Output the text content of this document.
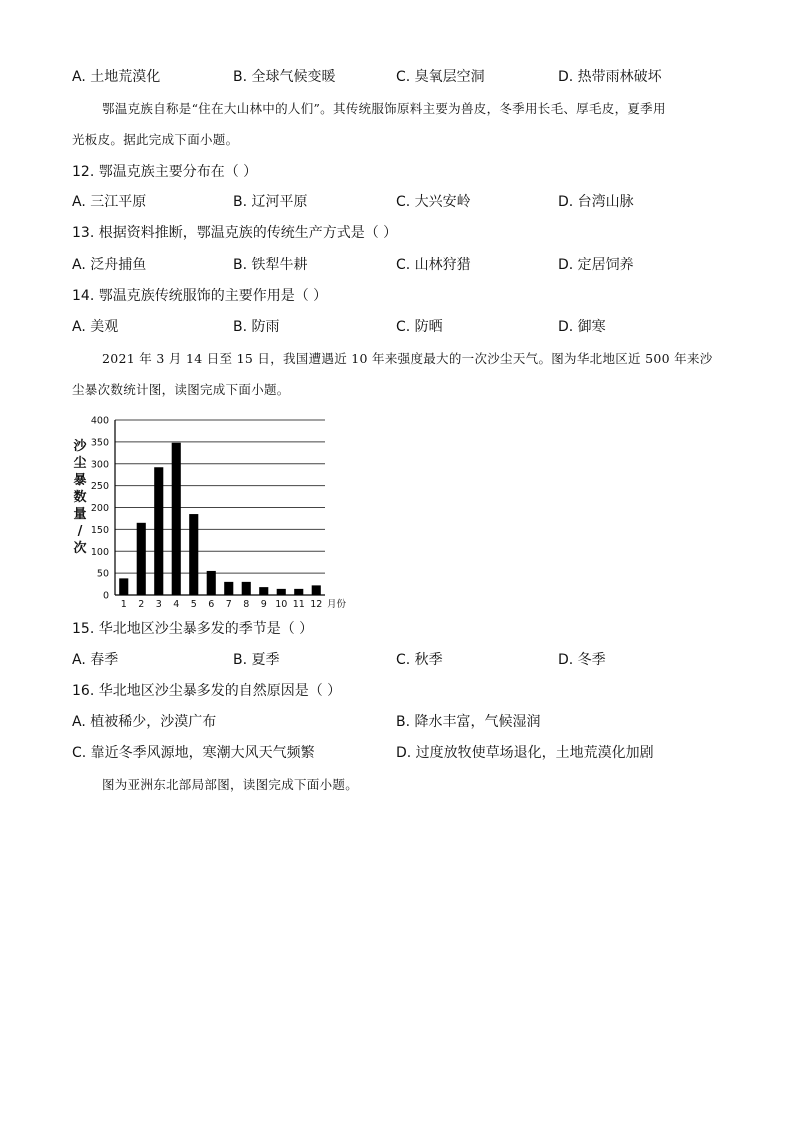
A. 土地荒漠化	B. 全球气候变暖	C. 臭氧层空洞	D. 热带雨林破坏
鄂温克族自称是“住在大山林中的人们”。其传统服饰原料主要为兽皮，冬季用长毛、厚毛皮，夏季用
光板皮。据此完成下面小题。
12. 鄂温克族主要分布在（ ）
A. 三江平原	B. 辽河平原	C. 大兴安岭	D. 台湾山脉
13. 根据资料推断，鄂温克族的传统生产方式是（ ）
A. 泛舟捕鱼	B. 铁犁牛耕	C. 山林狩猎	D. 定居饲养
14. 鄂温克族传统服饰的主要作用是（ ）
A. 美观	B. 防雨	C. 防晒	D. 御寒
2021 年 3 月 14 日至 15 日，我国遭遇近 10 年来强度最大的一次沙尘天气。图为华北地区近 500 年来沙
尘暴次数统计图，读图完成下面小题。
0
50
100
150
200
250
300
350
400
1 2 3 4 5 6 7 8 9 10 11 12
沙
尘
暴
数
量
/
次
月份
15. 华北地区沙尘暴多发的季节是（ ）
A. 春季	B. 夏季	C. 秋季	D. 冬季
16. 华北地区沙尘暴多发的自然原因是（ ）
A. 植被稀少，沙漠广布	B. 降水丰富，气候湿润
C. 靠近冬季风源地，寒潮大风天气频繁	D. 过度放牧使草场退化，土地荒漠化加剧
图为亚洲东北部局部图，读图完成下面小题。
